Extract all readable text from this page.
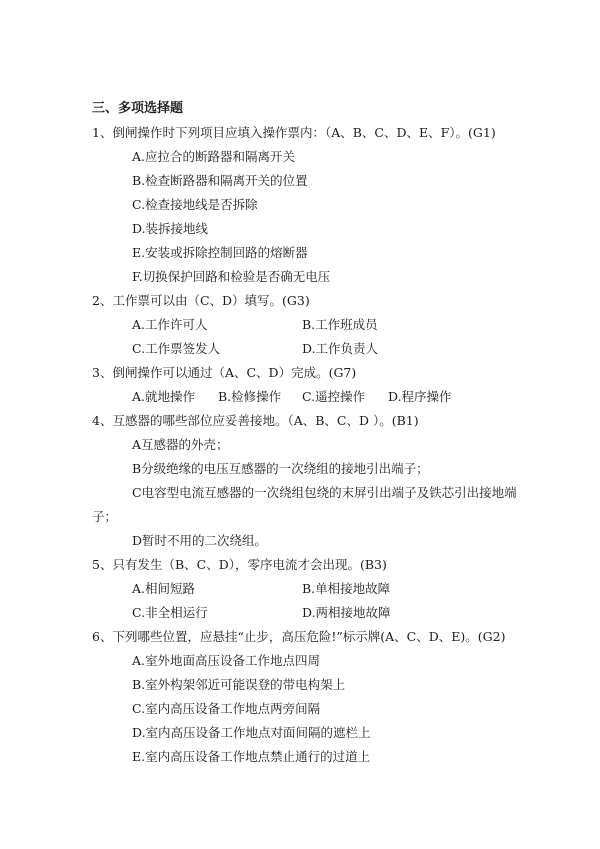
三、多项选择题
1、倒闸操作时下列项目应填入操作票内：（A、B、C、D、E、F）。(G1)
A.应拉合的断路器和隔离开关
B.检查断路器和隔离开关的位置
C.检查接地线是否拆除
D.装拆接地线
E.安装或拆除控制回路的熔断器
F.切换保护回路和检验是否确无电压
2、工作票可以由（C、D）填写。(G3)
A.工作许可人	B.工作班成员
C.工作票签发人	D.工作负责人
3、倒闸操作可以通过（A、C、D）完成。(G7)
A.就地操作 B.检修操作 C.遥控操作 D.程序操作
4、互感器的哪些部位应妥善接地。（A、B、C、D ）。(B1)
A互感器的外壳；
B分级绝缘的电压互感器的一次绕组的接地引出端子；
C电容型电流互感器的一次绕组包绕的末屏引出端子及铁芯引出接地端
子；
D暂时不用的二次绕组。
5、只有发生（B、C、D），零序电流才会出现。(B3)
A.相间短路	B.单相接地故障
C.非全相运行	D.两相接地故障
6、下列哪些位置，应悬挂“止步，高压危险!”标示牌(A、C、D、E)。(G2)
A.室外地面高压设备工作地点四周
B.室外构架邻近可能误登的带电构架上
C.室内高压设备工作地点两旁间隔
D.室内高压设备工作地点对面间隔的遮栏上
E.室内高压设备工作地点禁止通行的过道上
